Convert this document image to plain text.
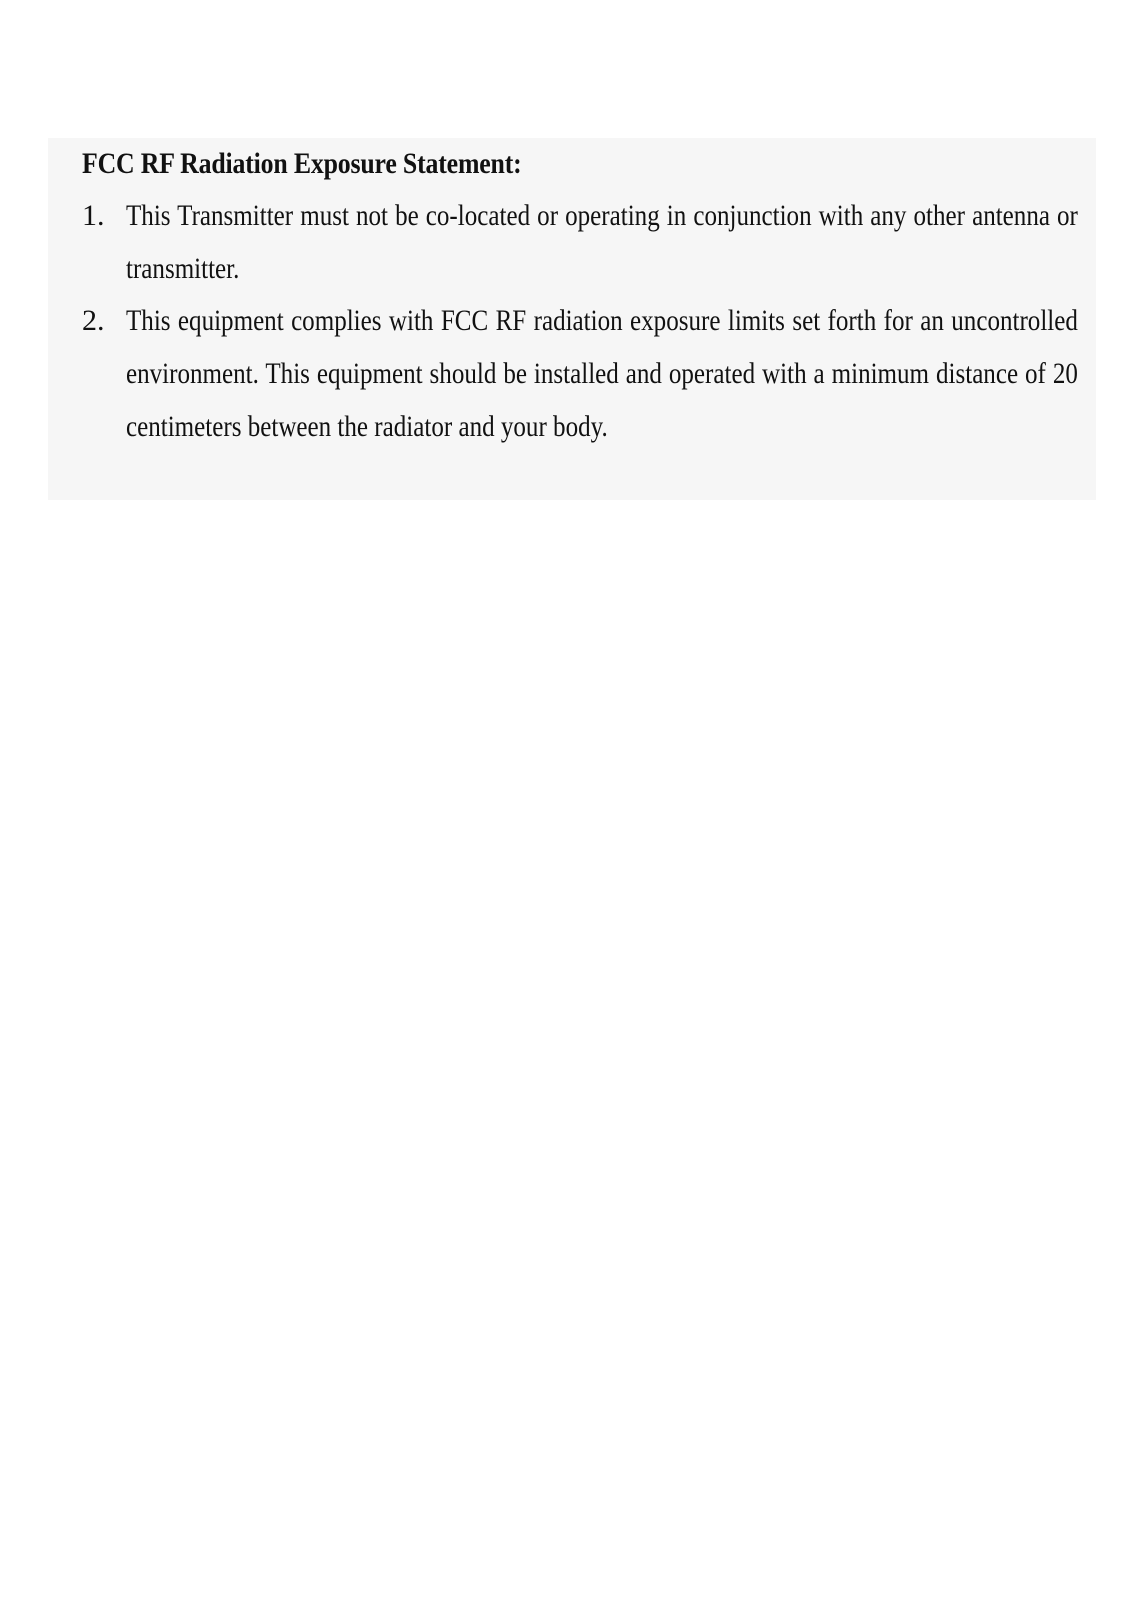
FCC RF Radiation Exposure Statement:
1. This Transmitter must not be co-located or operating in conjunction with any other antenna or transmitter.
2. This equipment complies with FCC RF radiation exposure limits set forth for an uncontrolled environment. This equipment should be installed and operated with a minimum distance of 20 centimeters between the radiator and your body.
